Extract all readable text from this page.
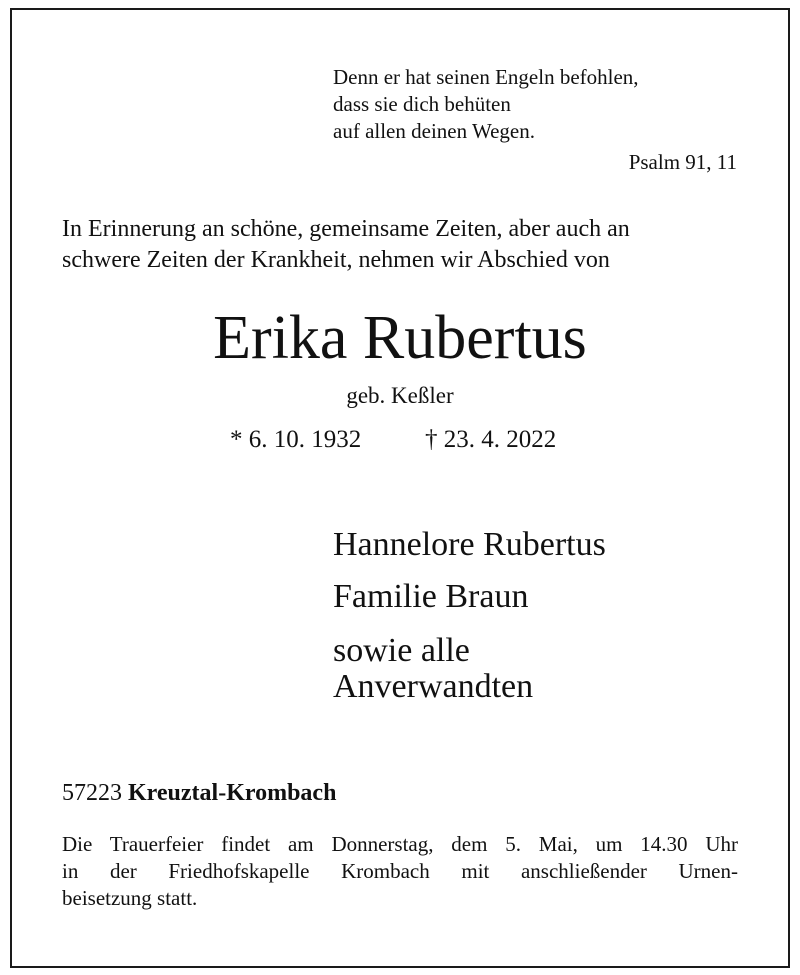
Denn er hat seinen Engeln befohlen,
dass sie dich behüten
auf allen deinen Wegen.
Psalm 91, 11
In Erinnerung an schöne, gemeinsame Zeiten, aber auch an
schwere Zeiten der Krankheit, nehmen wir Abschied von
Erika Rubertus
geb. Keßler
* 6. 10. 1932	† 23. 4. 2022
Hannelore Rubertus
Familie Braun
sowie alle
Anverwandten
57223 Kreuztal-Krombach
Die Trauerfeier findet am Donnerstag, dem 5. Mai, um 14.30 Uhr
in der Friedhofskapelle Krombach mit anschließender Urnen-
beisetzung statt.
